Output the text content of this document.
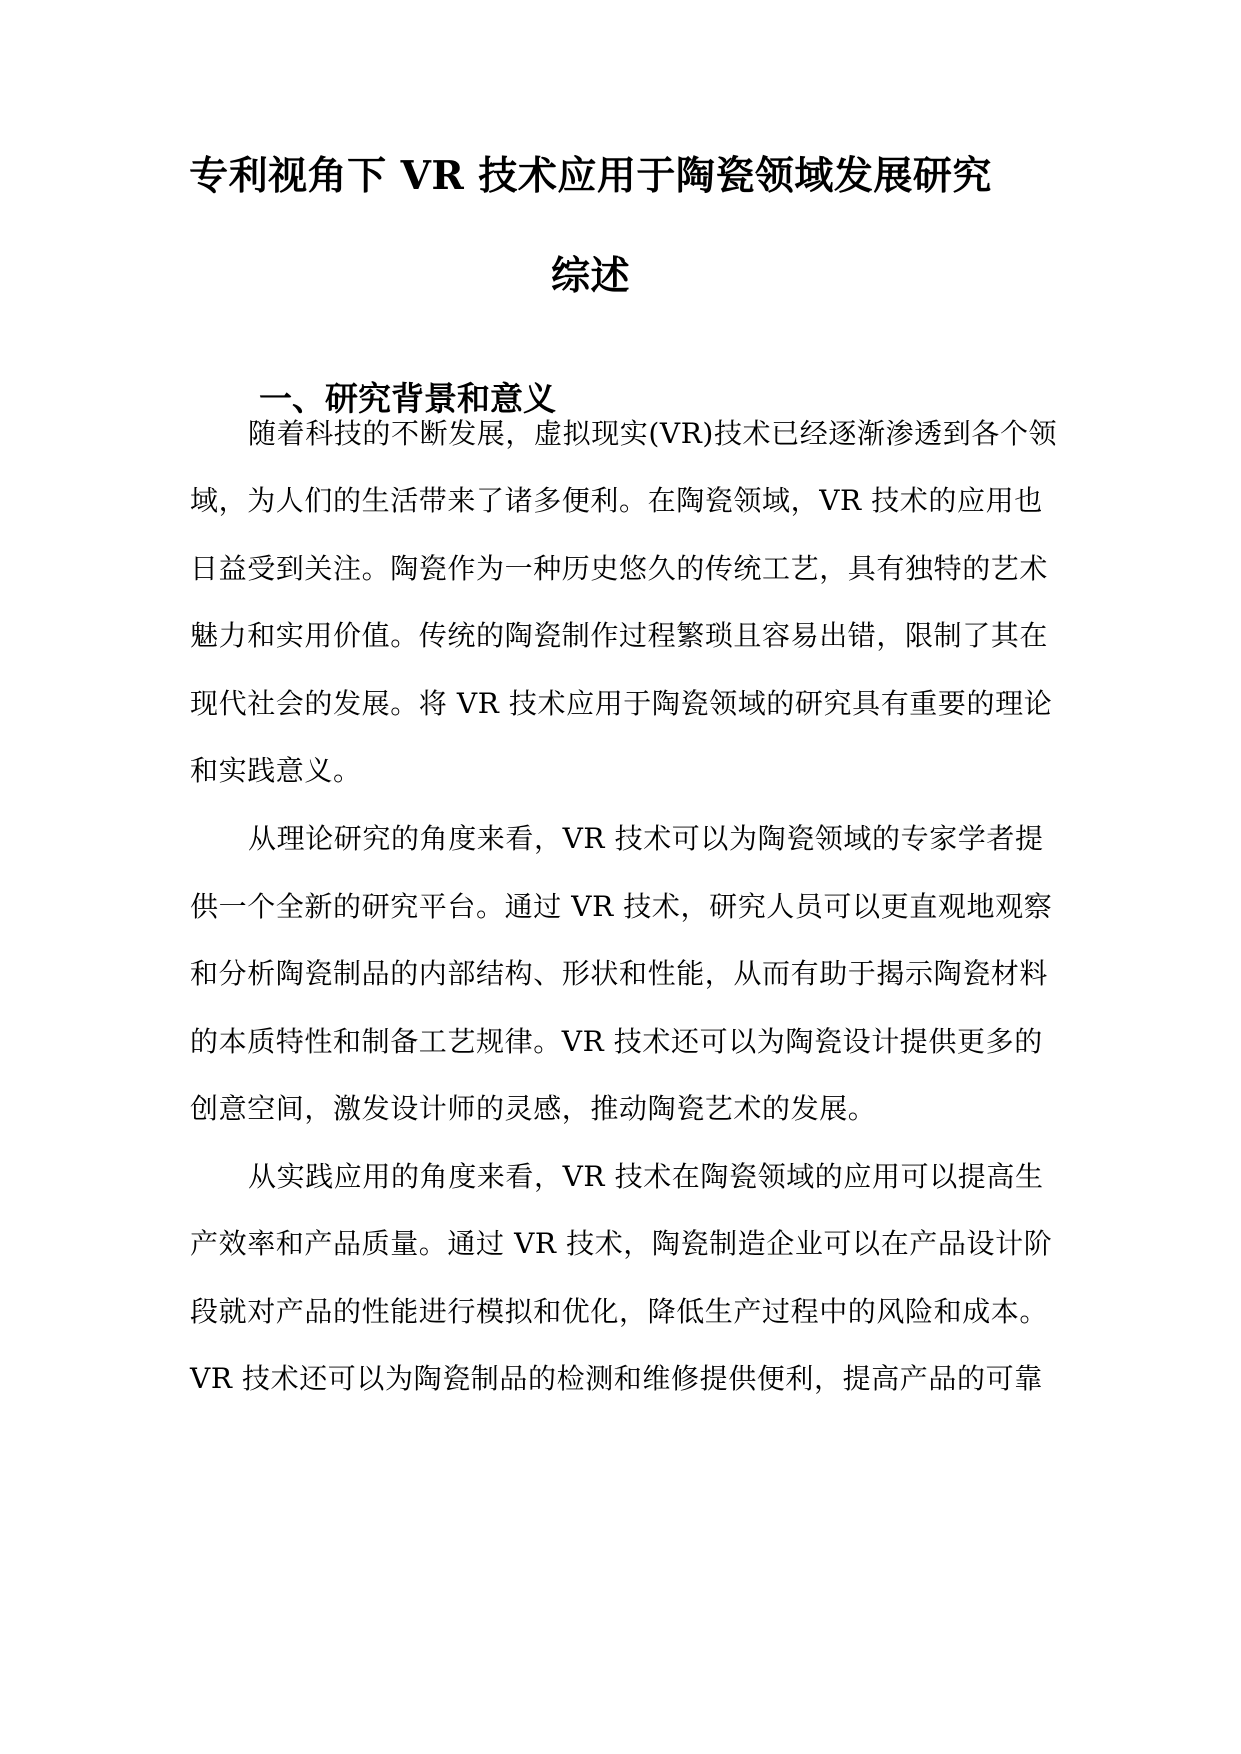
专利视角下 VR 技术应用于陶瓷领域发展研究
综述
一、研究背景和意义
随着科技的不断发展，虚拟现实(VR)技术已经逐渐渗透到各个领
域，为人们的生活带来了诸多便利。在陶瓷领域，VR 技术的应用也
日益受到关注。陶瓷作为一种历史悠久的传统工艺，具有独特的艺术
魅力和实用价值。传统的陶瓷制作过程繁琐且容易出错，限制了其在
现代社会的发展。将 VR 技术应用于陶瓷领域的研究具有重要的理论
和实践意义。
从理论研究的角度来看，VR 技术可以为陶瓷领域的专家学者提
供一个全新的研究平台。通过 VR 技术，研究人员可以更直观地观察
和分析陶瓷制品的内部结构、形状和性能，从而有助于揭示陶瓷材料
的本质特性和制备工艺规律。VR 技术还可以为陶瓷设计提供更多的
创意空间，激发设计师的灵感，推动陶瓷艺术的发展。
从实践应用的角度来看，VR 技术在陶瓷领域的应用可以提高生
产效率和产品质量。通过 VR 技术，陶瓷制造企业可以在产品设计阶
段就对产品的性能进行模拟和优化，降低生产过程中的风险和成本。
VR 技术还可以为陶瓷制品的检测和维修提供便利，提高产品的可靠
